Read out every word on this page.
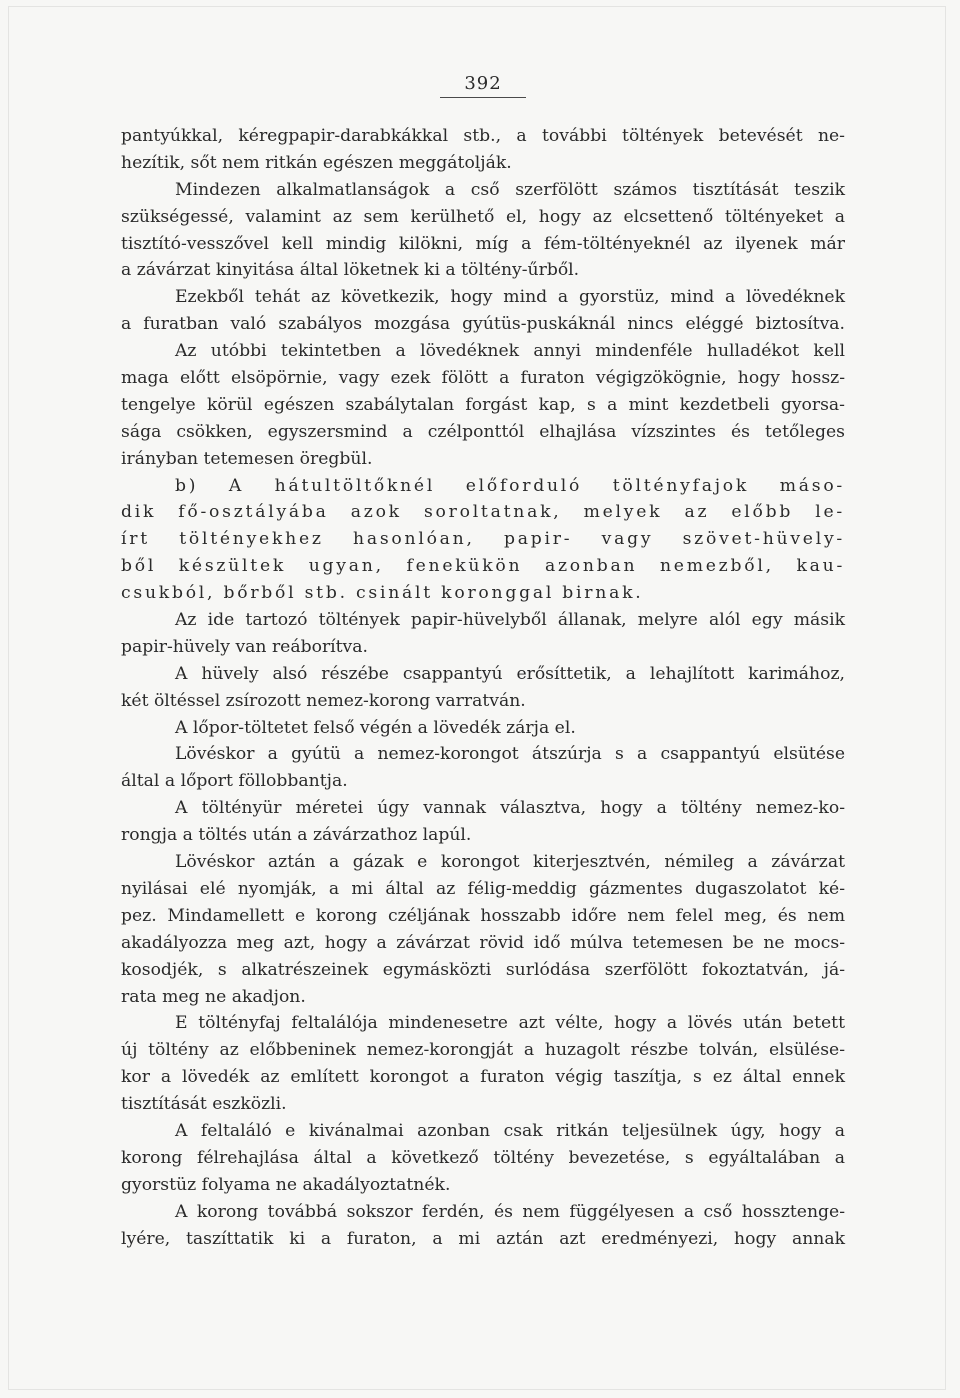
392
pantyúkkal, kéregpapir-darabkákkal stb., a további töltények betevését ne-
hezítik, sőt nem ritkán egészen meggátolják.
Mindezen alkalmatlanságok a cső szerfölött számos tisztítását teszik
szükségessé, valamint az sem kerülhető el, hogy az elcsettenő töltényeket a
tisztító-vesszővel kell mindig kilökni, míg a fém-töltényeknél az ilyenek már
a závárzat kinyitása által löketnek ki a töltény-űrből.
Ezekből tehát az következik, hogy mind a gyorstüz, mind a lövedéknek
a furatban való szabályos mozgása gyútüs-puskáknál nincs eléggé biztosítva.
Az utóbbi tekintetben a lövedéknek annyi mindenféle hulladékot kell
maga előtt elsöpörnie, vagy ezek fölött a furaton végigzökögnie, hogy hossz-
tengelye körül egészen szabálytalan forgást kap, s a mint kezdetbeli gyorsa-
sága csökken, egyszersmind a czélponttól elhajlása vízszintes és tetőleges
irányban tetemesen öregbül.
b) A hátultöltőknél előforduló töltényfajok máso-
dik fő-osztályába azok soroltatnak, melyek az előbb le-
írt töltényekhez hasonlóan, papir- vagy szövet-hüvely-
ből készültek ugyan, fenekükön azonban nemezből, kau-
csukból, bőrből stb. csinált koronggal birnak.
Az ide tartozó töltények papir-hüvelyből állanak, melyre alól egy másik
papir-hüvely van reáborítva.
A hüvely alsó részébe csappantyú erősíttetik, a lehajlított karimához,
két öltéssel zsírozott nemez-korong varratván.
A lőpor-töltetet felső végén a lövedék zárja el.
Lövéskor a gyútü a nemez-korongot átszúrja s a csappantyú elsütése
által a lőport föllobbantja.
A töltényür méretei úgy vannak választva, hogy a töltény nemez-ko-
rongja a töltés után a závárzathoz lapúl.
Lövéskor aztán a gázak e korongot kiterjesztvén, némileg a závárzat
nyilásai elé nyomják, a mi által az félig-meddig gázmentes dugaszolatot ké-
pez. Mindamellett e korong czéljának hosszabb időre nem felel meg, és nem
akadályozza meg azt, hogy a závárzat rövid idő múlva tetemesen be ne mocs-
kosodjék, s alkatrészeinek egymásközti surlódása szerfölött fokoztatván, já-
rata meg ne akadjon.
E töltényfaj feltalálója mindenesetre azt vélte, hogy a lövés után betett
új töltény az előbbeninek nemez-korongját a huzagolt részbe tolván, elsülése-
kor a lövedék az említett korongot a furaton végig taszítja, s ez által ennek
tisztítását eszközli.
A feltaláló e kivánalmai azonban csak ritkán teljesülnek úgy, hogy a
korong félrehajlása által a következő töltény bevezetése, s egyáltalában a
gyorstüz folyama ne akadályoztatnék.
A korong továbbá sokszor ferdén, és nem függélyesen a cső hossztenge-
lyére, taszíttatik ki a furaton, a mi aztán azt eredményezi, hogy annak
